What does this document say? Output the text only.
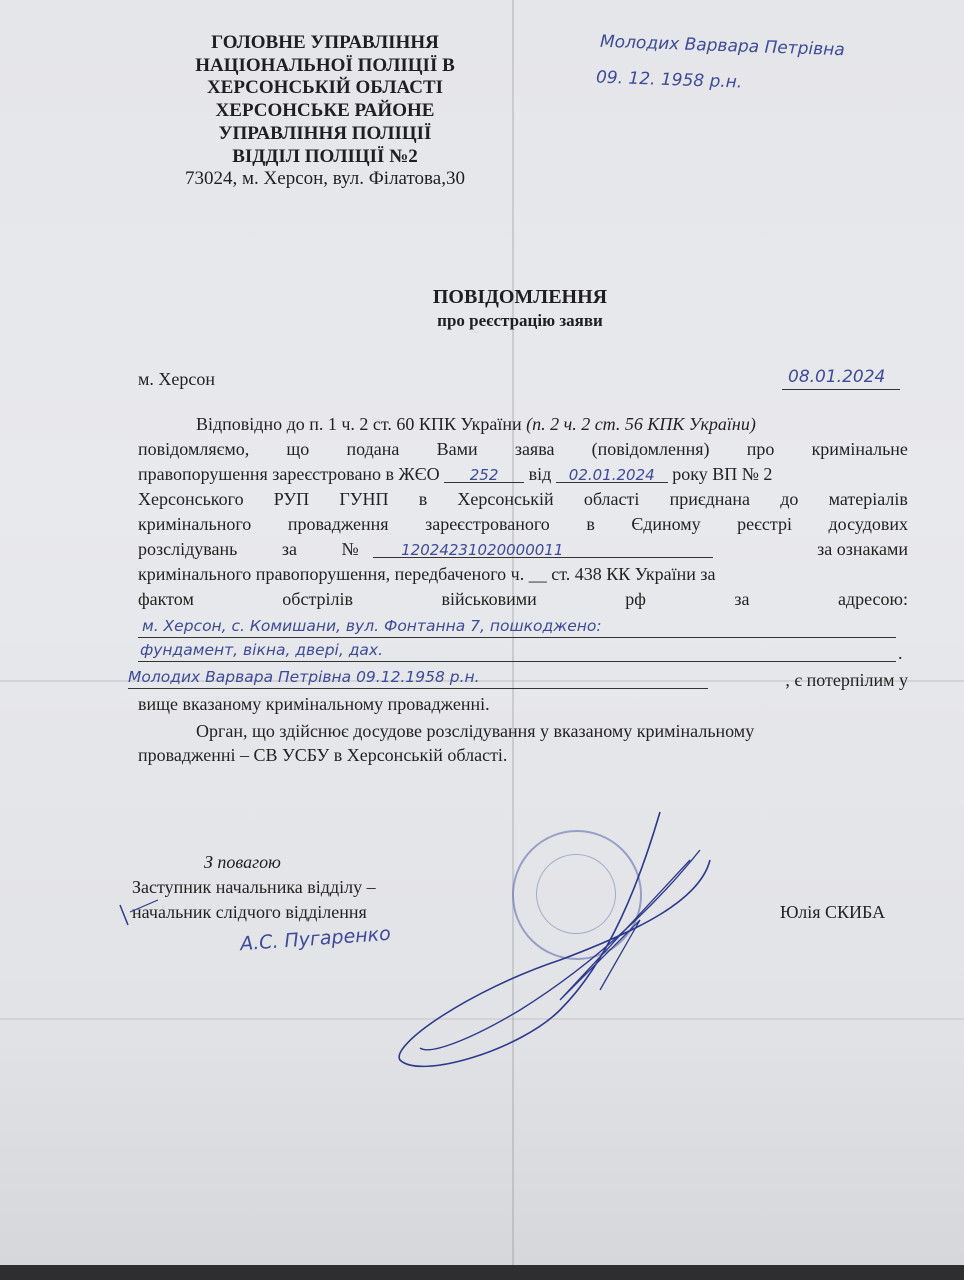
ГОЛОВНЕ УПРАВЛІННЯ
НАЦІОНАЛЬНОЇ ПОЛІЦІЇ В
ХЕРСОНСЬКІЙ ОБЛАСТІ
ХЕРСОНСЬКЕ РАЙОНЕ
УПРАВЛІННЯ ПОЛІЦІЇ
ВІДДІЛ ПОЛІЦІЇ №2
73024, м. Херсон, вул. Філатова,30
Молодих Варвара Петрівна
09. 12. 1958 р.н.
ПОВІДОМЛЕННЯ
про реєстрацію заяви
м. Херсон	08.01.2024
Відповідно до п. 1 ч. 2 ст. 60 КПК України (п. 2 ч. 2 ст. 56 КПК України)
повідомляємо, що подана Вами заява (повідомлення) про кримінальне
правопорушення зареєстровано в ЖЄО 252 від 02.01.2024 року ВП № 2
Херсонського РУП ГУНП в Херсонській області приєднана до матеріалів
кримінального провадження зареєстрованого в Єдиному реєстрі досудових
розслідувань за №	12024231020000011	за ознаками
кримінального правопорушення, передбаченого ч. __ ст. 438 КК України за
фактом	обстрілів	військовими	рф	за	адресою:
м. Херсон, с. Комишани, вул. Фонтанна 7, пошкоджено:
фундамент, вікна, двері, дах.	.
Молодих Варвара Петрівна 09.12.1958 р.н.	, є потерпілим у
вище вказаному кримінальному провадженні.
Орган, що здійснює досудове розслідування у вказаному кримінальному
провадженні – СВ УСБУ в Херсонській області.
З повагою
Заступник начальника відділу –
начальник слідчого відділення	Юлія СКИБА
А.С. Пугаренко
